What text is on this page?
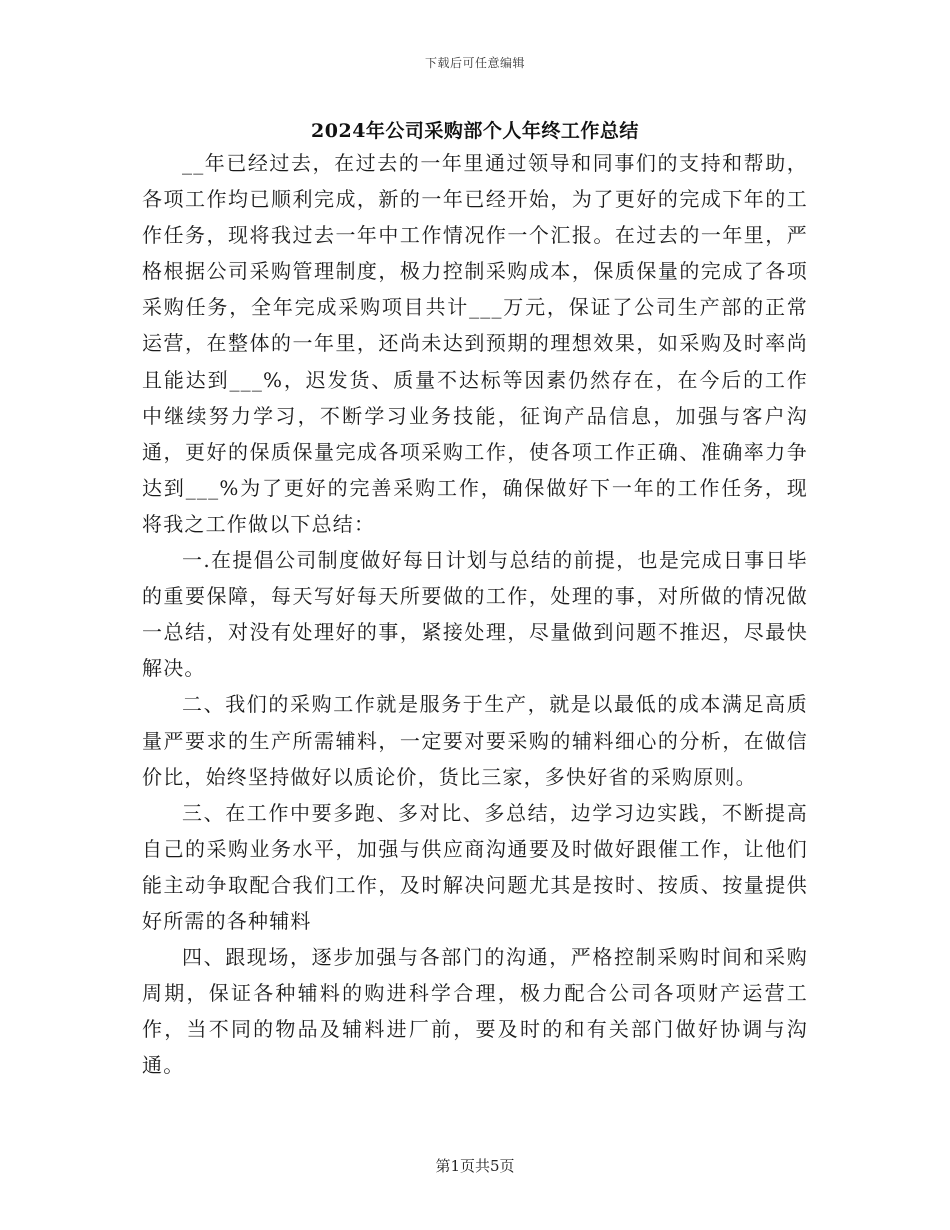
下载后可任意编辑
2024年公司采购部个人年终工作总结

__年已经过去，在过去的一年里通过领导和同事们的支持和帮助，各项工作均已顺利完成，新的一年已经开始，为了更好的完成下年的工作任务，现将我过去一年中工作情况作一个汇报。在过去的一年里，严格根据公司采购管理制度，极力控制采购成本，保质保量的完成了各项采购任务，全年完成采购项目共计___万元，保证了公司生产部的正常运营，在整体的一年里，还尚未达到预期的理想效果，如采购及时率尚且能达到___%，迟发货、质量不达标等因素仍然存在，在今后的工作中继续努力学习，不断学习业务技能，征询产品信息，加强与客户沟通，更好的保质保量完成各项采购工作，使各项工作正确、准确率力争达到___%为了更好的完善采购工作，确保做好下一年的工作任务，现将我之工作做以下总结：

一.在提倡公司制度做好每日计划与总结的前提，也是完成日事日毕的重要保障，每天写好每天所要做的工作，处理的事，对所做的情况做一总结，对没有处理好的事，紧接处理，尽量做到问题不推迟，尽最快解决。

二、我们的采购工作就是服务于生产，就是以最低的成本满足高质量严要求的生产所需辅料，一定要对要采购的辅料细心的分析，在做信价比，始终坚持做好以质论价，货比三家，多快好省的采购原则。

三、在工作中要多跑、多对比、多总结，边学习边实践，不断提高自己的采购业务水平，加强与供应商沟通要及时做好跟催工作，让他们能主动争取配合我们工作，及时解决问题尤其是按时、按质、按量提供好所需的各种辅料

四、跟现场，逐步加强与各部门的沟通，严格控制采购时间和采购周期，保证各种辅料的购进科学合理，极力配合公司各项财产运营工作，当不同的物品及辅料进厂前，要及时的和有关部门做好协调与沟通。

第1页共5页
